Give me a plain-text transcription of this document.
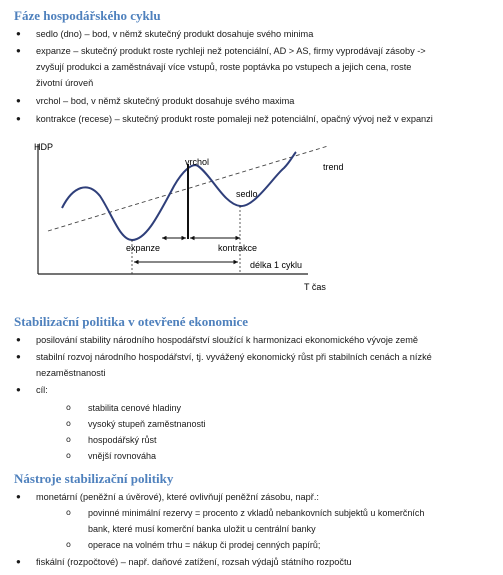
Fáze hospodářského cyklu
● sedlo (dno) – bod, v němž skutečný produkt dosahuje svého minima
● expanze – skutečný produkt roste rychleji než potenciální, AD > AS, firmy vyprodávají zásoby ->
zvyšují produkci a zaměstnávají více vstupů, roste poptávka po vstupech a jejich cena, roste
životní úroveň
● vrchol – bod, v němž skutečný produkt dosahuje svého maxima
● kontrakce (recese) – skutečný produkt roste pomaleji než potenciální, opačný vývoj než v expanzi
HDP
T čas
trend
vrchol
sedlo
expanze	kontrakce
délka 1 cyklu
Stabilizační politika v otevřené ekonomice
● posilování stability národního hospodářství sloužící k harmonizaci ekonomického vývoje země
● stabilní rozvoj národního hospodářství, tj. vyvážený ekonomický růst při stabilních cenách a nízké
nezaměstnanosti
● cíl:
o stabilita cenové hladiny
o vysoký stupeň zaměstnanosti
o hospodářský růst
o vnější rovnováha
Nástroje stabilizační politiky
● monetární (peněžní a úvěrové), které ovlivňují peněžní zásobu, např.:
o povinné minimální rezervy = procento z vkladů nebankovních subjektů u komerčních
bank, které musí komerční banka uložit u centrální banky
o operace na volném trhu = nákup či prodej cenných papírů;
● fiskální (rozpočtové) – např. daňové zatížení, rozsah výdajů státního rozpočtu
